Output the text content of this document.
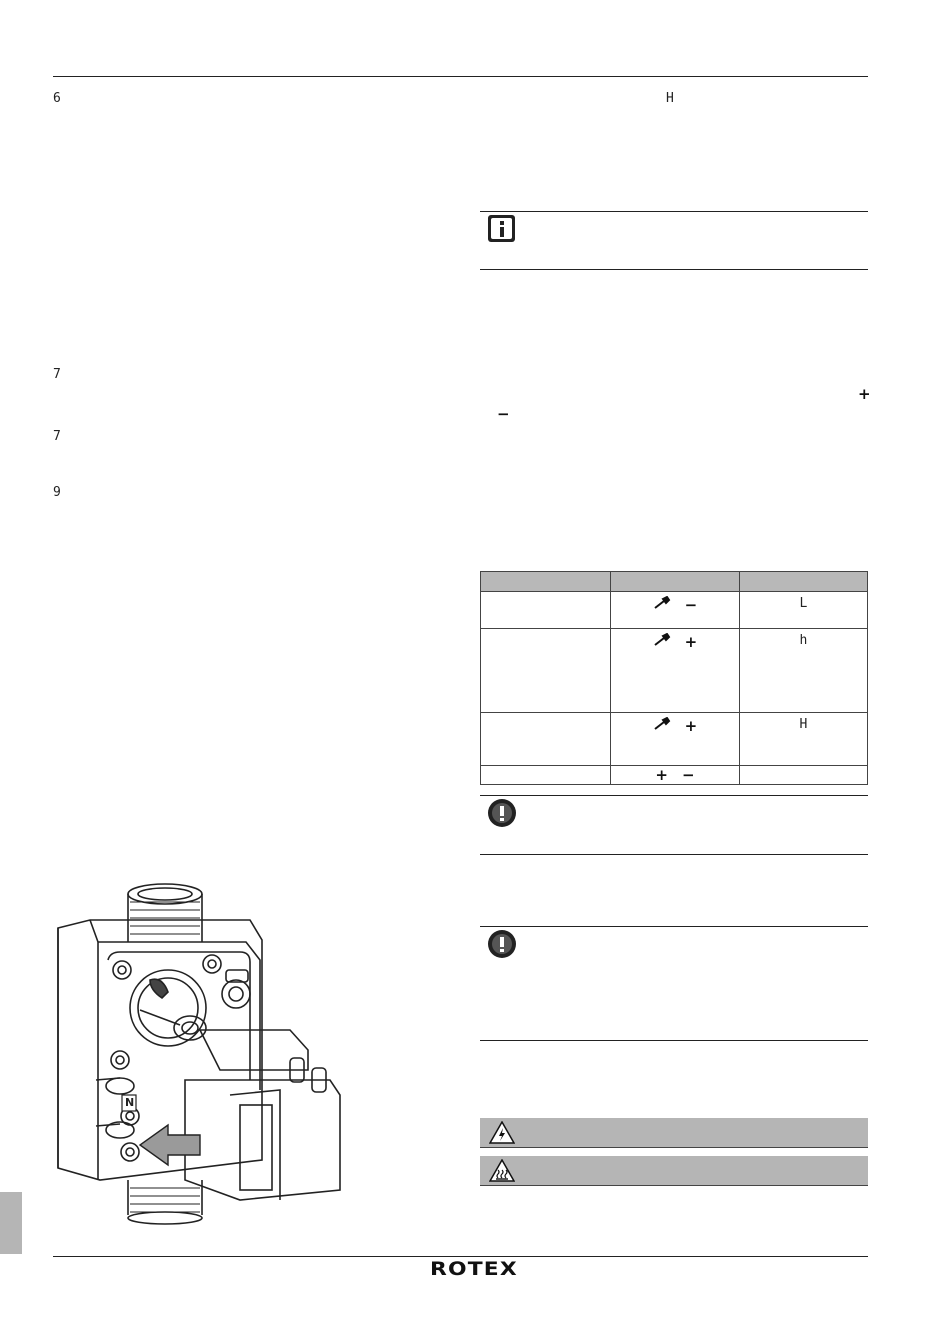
6
7
7
9
H
+
−

	−	L

	+	h

	+	H

	+ −	

N
ROTEX
